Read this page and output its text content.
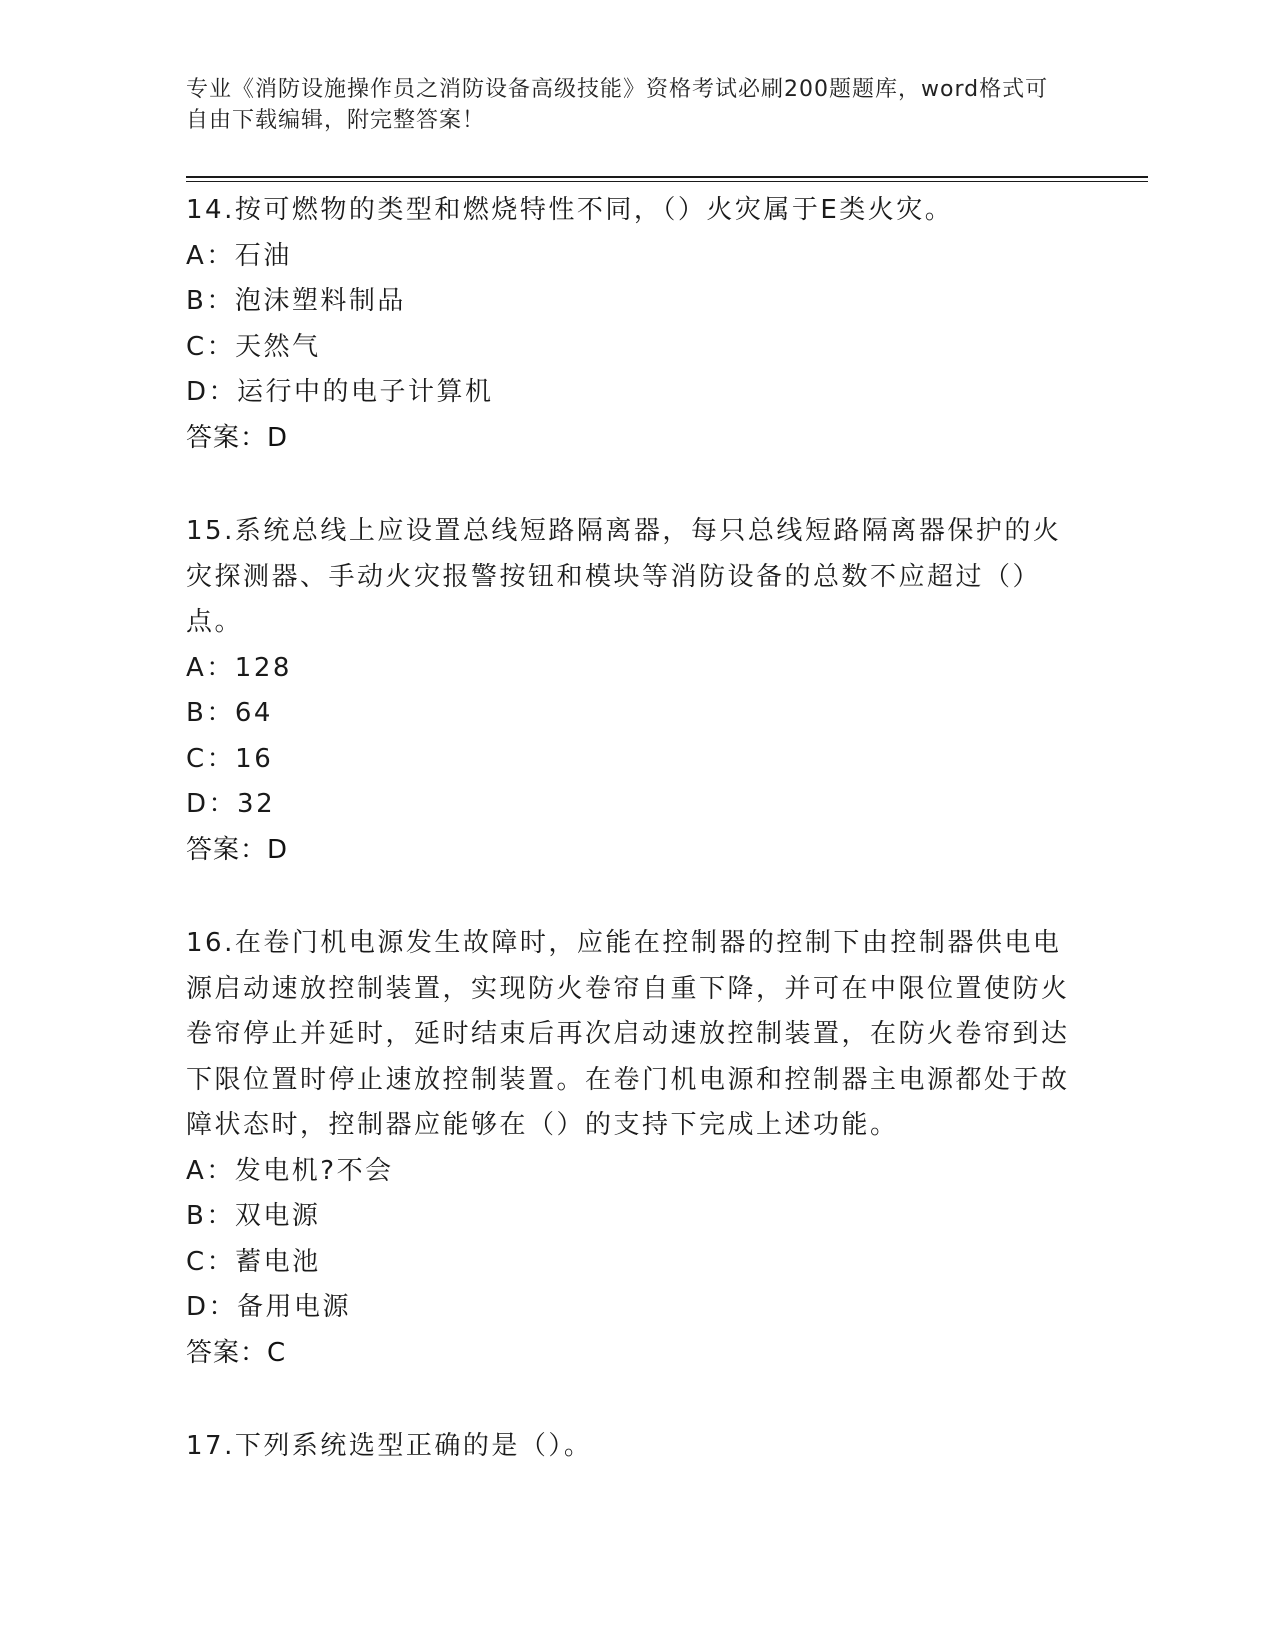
专业《消防设施操作员之消防设备高级技能》资格考试必刷200题题库，word格式可自由下载编辑，附完整答案！
14.按可燃物的类型和燃烧特性不同，（）火灾属于E类火灾。
A：石油
B：泡沫塑料制品
C：天然气
D：运行中的电子计算机
答案：D
15.系统总线上应设置总线短路隔离器，每只总线短路隔离器保护的火灾探测器、手动火灾报警按钮和模块等消防设备的总数不应超过（）点。
A：128
B：64
C：16
D：32
答案：D
16.在卷门机电源发生故障时，应能在控制器的控制下由控制器供电电源启动速放控制装置，实现防火卷帘自重下降，并可在中限位置使防火卷帘停止并延时，延时结束后再次启动速放控制装置，在防火卷帘到达下限位置时停止速放控制装置。在卷门机电源和控制器主电源都处于故障状态时，控制器应能够在（）的支持下完成上述功能。
A：发电机?不会
B：双电源
C：蓄电池
D：备用电源
答案：C
17.下列系统选型正确的是（）。
